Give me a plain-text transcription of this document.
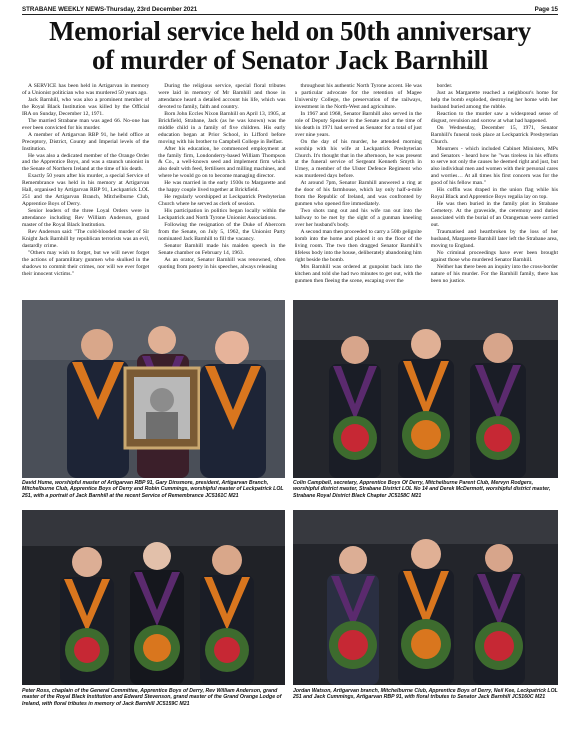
STRABANE WEEKLY NEWS-Thursday, 23rd December 2021	Page 15
Memorial service held on 50th anniversary
of murder of Senator Jack Barnhill

A SERVICE has been held in Artigarvan in memory of a Unionist politician who was murdered 50 years ago.

Jack Barnhill, who was also a prominent member of the Royal Black Institution was killed by the Official IRA on Sunday, December 12, 1971.

The married Strabane man was aged 66. No-one has ever been convicted for his murder.

A member of Artigarvan RBP 91, he held office at Preceptory, District, County and Imperial levels of the Institution.

He was also a dedicated member of the Orange Order and the Apprentice Boys, and was a staunch unionist in the Senate of Northern Ireland at the time of his death.

Exactly 50 years after his murder, a special Service of Remembrance was held in his memory at Artigarvan Hall, organised by Artigarvan RBP 91, Leckpatrick LOL 251 and the Artigarvan Branch, Mitchelburne Club, Apprentice Boys of Derry.

Senior leaders of the three Loyal Orders were in attendance including Rev William Anderson, grand master of the Royal Black Institution.

Rev Anderson said: "The cold-blooded murder of Sir Knight Jack Barnhill by republican terrorists was an evil, dastardly crime.

"Others may wish to forget, but we will never forget the actions of paramilitary gunmen who skulked in the shadows to commit their crimes, nor will we ever forget their innocent victims."

During the religious service, special floral tributes were laid in memory of Mr Barnhill and those in attendance heard a detailed account his life, which was devoted to family, faith and country.

Born John Eccles Nixon Barnhill on April 13, 1905, at Brickfield, Strabane, Jack (as he was known) was the middle child in a family of five children. His early education began at Prior School, in Lifford before moving with his brother to Campbell College in Belfast.

After his education, he commenced employment at the family firm, Londonderry-based William Thompson & Co., a well-known seed and implement firm which also dealt with feed, fertilisers and milling machines, and where he would go on to become managing director.

He was married in the early 1930s to Margarette and the happy couple lived together at Brickfield.

He regularly worshipped at Leckpatrick Presbyterian Church where he served as clerk of session.

His participation in politics began locally within the Leckpatrick and North Tyrone Unionist Associations.

Following the resignation of the Duke of Abercorn from the Senate, on July 5, 1962, the Unionist Party nominated Jack Barnhill to fill the vacancy.

Senator Barnhill made his maiden speech in the Senate chamber on February 14, 1963.

As an orator, Senator Barnhill was renowned, often quoting from poetry in his speeches, always releasing

throughout his authentic North Tyrone accent. He was a particular advocate for the retention of Magee University College, the preservation of the railways, investment in the North-West and agriculture.

In 1967 and 1968, Senator Barnhill also served in the role of Deputy Speaker in the Senate and at the time of his death in 1971 had served as Senator for a total of just over nine years.

On the day of his murder, he attended morning worship with his wife at Leckpatrick Presbyterian Church. It's thought that in the afternoon, he was present at the funeral service of Sergeant Kenneth Smyth in Urney, a member of the Ulster Defence Regiment who was murdered days before.

At around 7pm, Senator Barnhill answered a ring at the door of his farmhouse, which lay only half-a-mile from the Republic of Ireland, and was confronted by gunmen who opened fire immediately.

Two shots rang out and his wife ran out into the hallway to be met by the sight of a gunman kneeling over her husband's body.

A second man then proceeded to carry a 50lb gelignite bomb into the home and placed it on the floor of the living room. The two then dragged Senator Barnhill's lifeless body into the house, deliberately abandoning him right beside the bomb.

Mrs Barnhill was ordered at gunpoint back into the kitchen and told she had two minutes to get out, with the gunmen then fleeing the scene, escaping over the

border.

Just as Margarette reached a neighbour's home for help the bomb exploded, destroying her home with her husband buried among the rubble.

Reaction to the murder saw a widespread sense of disgust, revulsion and sorrow at what had happened.

On Wednesday, December 15, 1971, Senator Barnhill's funeral took place at Leckpatrick Presbyterian Church.

Mourners - which included Cabinet Ministers, MPs and Senators - heard how he "was tireless in his efforts to serve not only the causes he deemed right and just, but also individual men and women with their personal cares and worries… At all times his first concern was for the good of his fellow man."

His coffin was draped in the union flag while his Royal Black and Apprentice Boys regalia lay on top.

He was then buried in the family plot in Strabane Cemetery. At the graveside, the ceremony and duties associated with the burial of an Orangeman were carried out.

Traumatised and heartbroken by the loss of her husband, Margarette Barnhill later left the Strabane area, moving to England.

No criminal proceedings have ever been brought against those who murdered Senator Barnhill.

Neither has there been an inquiry into the cross-border nature of his murder. For the Barnhill family, there has been no justice.

David Hume, worshipful master of Artigarvan RBP 91, Gary Dinsmore, president, Artigarvan Branch, Mitchelburne Club, Apprentice Boys of Derry and Robin Cummings, worshipful master of Leckpatrick LOL 251, with a portrait of Jack Barnhill at the recent Service of Remembrance JC5161C M21
Colin Campbell, secretary, Apprentice Boys Of Derry, Mitchelburne Parent Club, Mervyn Rodgers, worshipful district master, Strabane District LOL No 14 and Derek McDermott, worshipful district master, Strabane Royal District Black Chapter JC5158C M21
Peter Ross, chaplain of the General Committee, Apprentice Boys of Derry, Rev William Anderson, grand master of the Royal Black Institution and Edward Stevenson, grand master of the Grand Orange Lodge of Ireland, with floral tributes in memory of Jack Barnhill JC5159C M21
Jordan Watson, Artigarvan branch, Mitchelburne Club, Apprentice Boys of Derry, Neil Kee, Leckpatrick LOL 251 and Jack Cummings, Artigarvan RBP 91, with floral tributes to Senator Jack Barnhill JC5160C M21
